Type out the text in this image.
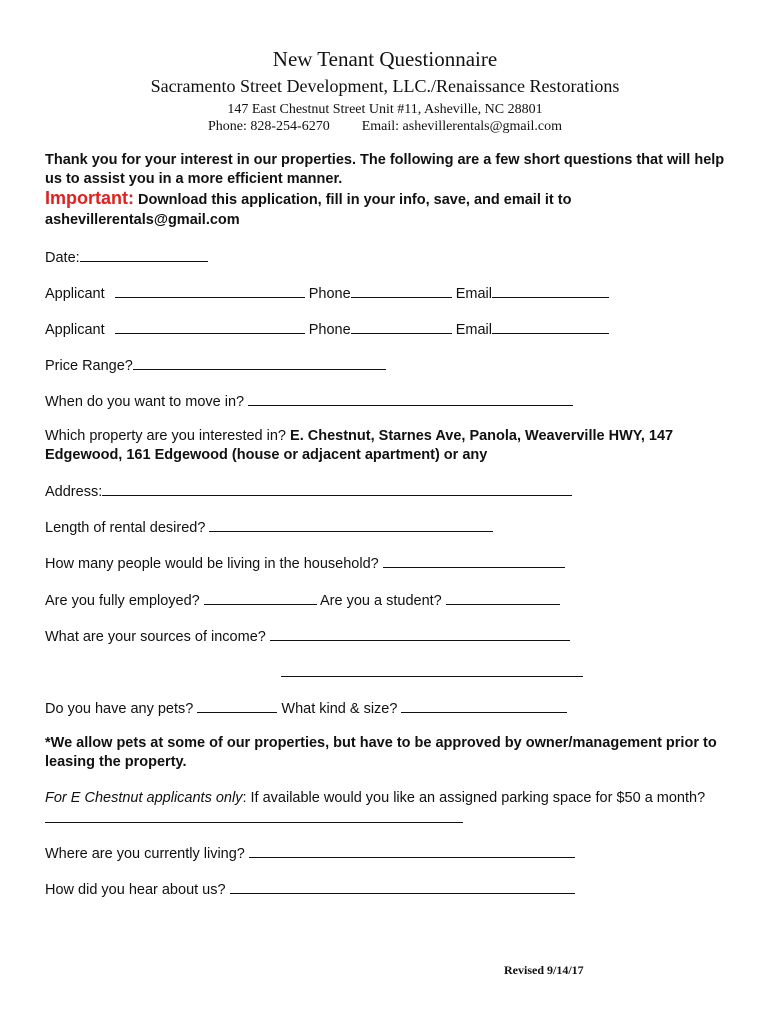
New Tenant Questionnaire
Sacramento Street Development, LLC./Renaissance Restorations
147 East Chestnut Street Unit #11, Asheville, NC 28801
Phone: 828-254-6270 Email: ashevillerentals@gmail.com
Thank you for your interest in our properties. The following are a few short questions that will help us to assist you in a more efficient manner.
Important: Download this application, fill in your info, save, and email it to ashevillerentals@gmail.com
Date:
Applicant	Phone	Email
Applicant	Phone	Email
Price Range?
When do you want to move in?
Which property are you interested in? E. Chestnut, Starnes Ave, Panola, Weaverville HWY, 147 Edgewood, 161 Edgewood (house or adjacent apartment) or any
Address:
Length of rental desired?
How many people would be living in the household?
Are you fully employed?	Are you a student?
What are your sources of income?
Do you have any pets?	What kind & size?
*We allow pets at some of our properties, but have to be approved by owner/management prior to leasing the property.
For E Chestnut applicants only: If available would you like an assigned parking space for $50 a month?
Where are you currently living?
How did you hear about us?
Revised 9/14/17
